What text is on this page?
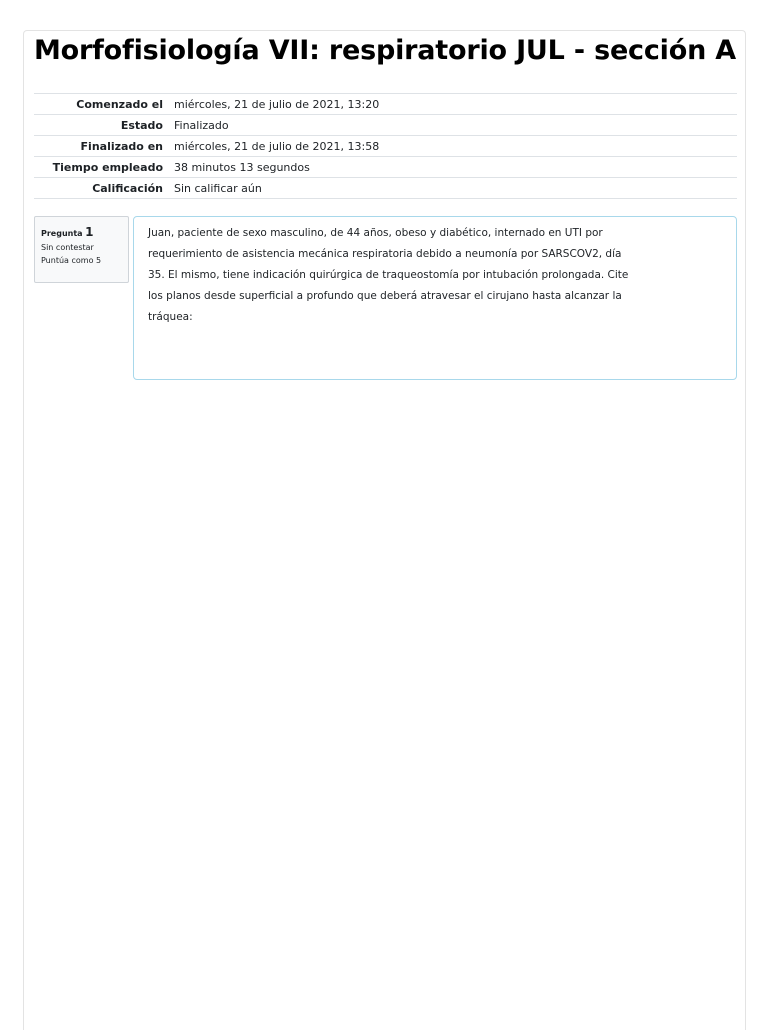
Morfofisiología VII: respiratorio JUL - sección A
Comenzado el	miércoles, 21 de julio de 2021, 13:20
Estado	Finalizado
Finalizado en	miércoles, 21 de julio de 2021, 13:58
Tiempo empleado	38 minutos 13 segundos
Calificación	Sin calificar aún
Pregunta 1
Sin contestar
Puntúa como 5

Juan, paciente de sexo masculino, de 44 años, obeso y diabético, internado en UTI por requerimiento de asistencia mecánica respiratoria debido a neumonía por SARSCOV2, día 35. El mismo, tiene indicación quirúrgica de traqueostomía por intubación prolongada. Cite los planos desde superficial a profundo que deberá atravesar el cirujano hasta alcanzar la tráquea:
